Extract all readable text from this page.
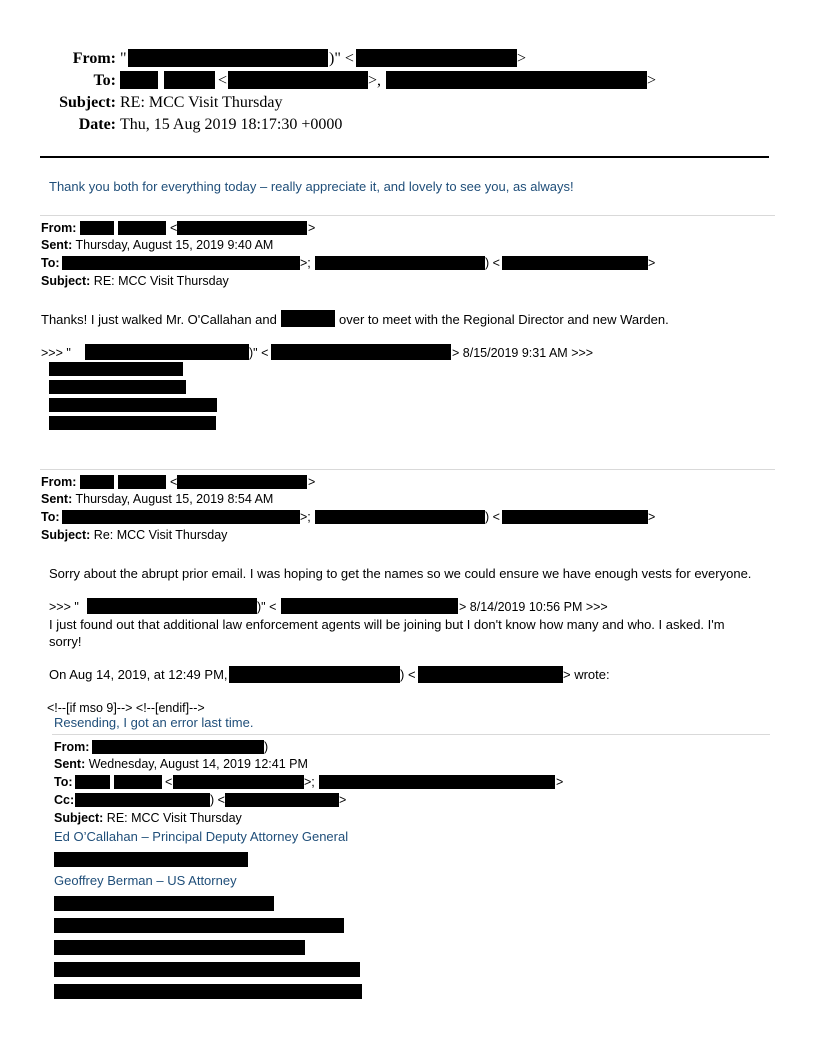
From: "	)" <	>
To:	<	>,	>
Subject: RE: MCC Visit Thursday
Date: Thu, 15 Aug 2019 18:17:30 +0000
Thank you both for everything today – really appreciate it, and lovely to see you, as always!
From:	<	>
Sent: Thursday, August 15, 2019 9:40 AM
To:	>;	) <	>
Subject: RE: MCC Visit Thursday
Thanks! I just walked Mr. O'Callahan and	over to meet with the Regional Director and new Warden.
>>> "	)" <	> 8/15/2019 9:31 AM >>>
From:	<	>
Sent: Thursday, August 15, 2019 8:54 AM
To:	>;	) <	>
Subject: Re: MCC Visit Thursday
Sorry about the abrupt prior email. I was hoping to get the names so we could ensure we have enough vests for everyone.
>>> "	)" <	> 8/14/2019 10:56 PM >>>
I just found out that additional law enforcement agents will be joining but I don't know how many and who. I asked. I'm
sorry!
On Aug 14, 2019, at 12:49 PM,	) <	> wrote:
<!--[if mso 9]--> <!--[endif]-->
Resending, I got an error last time.
From:	)
Sent: Wednesday, August 14, 2019 12:41 PM
To:	<	>;	>
Cc:	) <	>
Subject: RE: MCC Visit Thursday
Ed O’Callahan – Principal Deputy Attorney General
Geoffrey Berman – US Attorney
